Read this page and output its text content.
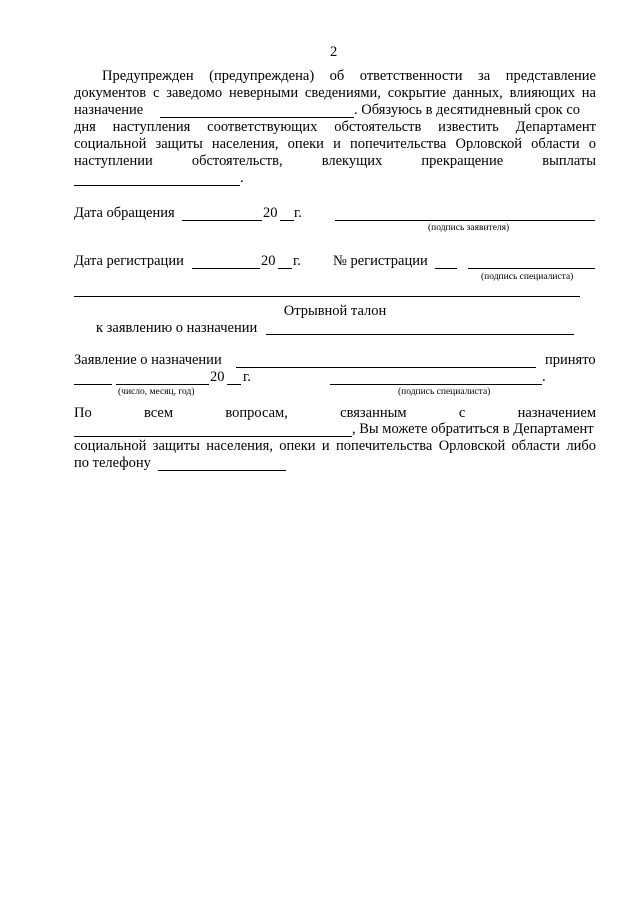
2
Предупрежден (предупреждена) об ответственности за представление
документов с заведомо неверными сведениями, сокрытие данных, влияющих на
назначение	. Обязуюсь в десятидневный срок со
дня наступления соответствующих обстоятельств известить Департамент
социальной защиты населения, опеки и попечительства Орловской области о
наступлении обстоятельств, влекущих прекращение выплаты
.
Дата обращения	20 г.
(подпись заявителя)
Дата регистрации	20 г. № регистрации
(подпись специалиста)
Отрывной талон
к заявлению о назначении
Заявление о назначении	принято
20 г.
(число, месяц, год)
.
(подпись специалиста)
По всем вопросам, связанным с назначением
, Вы можете обратиться в Департамент
социальной защиты населения, опеки и попечительства Орловской области либо
по телефону
